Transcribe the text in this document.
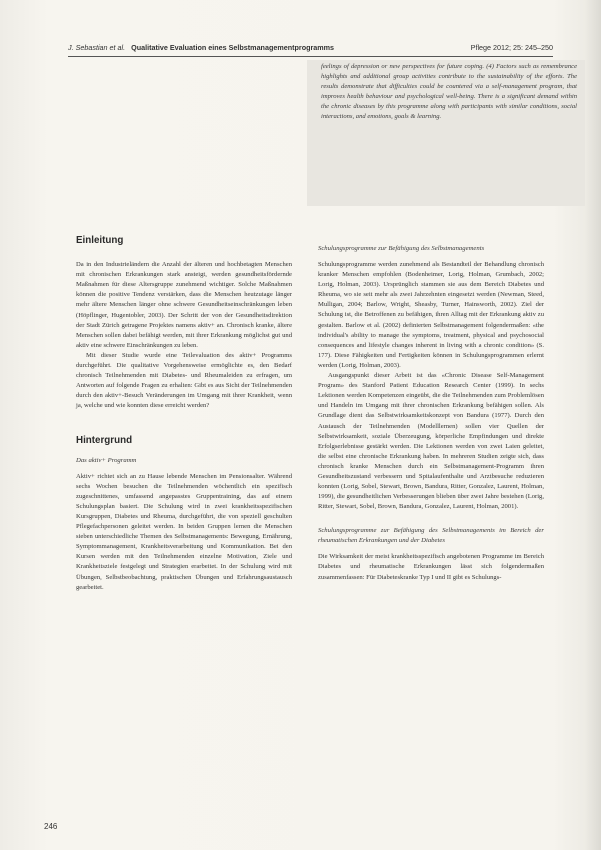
J. Sebastian et al. Qualitative Evaluation eines Selbstmanagementprogramms	Pflege 2012; 25: 245–250

feelings of depression or new perspectives for future coping. (4) Factors such as remembrance highlights and additional group activities contribute to the sustainability of the efforts. The results demonstrate that difficulties could be countered via a self-management program, that improves health behaviour and psychological well-being. There is a significant demand within the chronic diseases by this programme along with participants with similar conditions, social interactions, and emotions, goals & learning.

Einleitung

Da in den Industrieländern die Anzahl der älteren und hochbetagten Menschen mit chronischen Erkrankungen stark ansteigt, werden gesundheitsfördernde Maßnahmen für diese Altersgruppe zunehmend wichtiger. Solche Maßnahmen können die positive Tendenz verstärken, dass die Menschen heutzutage länger mehr ältere Menschen länger ohne schwere Gesundheitseinschränkungen leben (Höpflinger, Hugentobler, 2003). Der Schritt der von der Gesundheitsdirektion der Stadt Zürich getragene Projektes namens aktiv+ an. Chronisch kranke, ältere Menschen sollen dabei befähigt werden, mit ihrer Erkrankung möglichst gut und aktiv eine schwere Einschränkungen zu leben.

Mit dieser Studie wurde eine Teilevaluation des aktiv+ Programms durchgeführt. Die qualitative Vorgehensweise ermöglichte es, den Bedarf chronisch Teilnehmenden mit Diabetes- und Rheumaleiden zu erfragen, um Antworten auf folgende Fragen zu erhalten: Gibt es aus Sicht der Teilnehmenden durch den aktiv+-Besuch Veränderungen im Umgang mit ihrer Krankheit, wenn ja, welche und wie konnten diese erreicht werden?

Hintergrund
Das aktiv+ Programm

Aktiv+ richtet sich an zu Hause lebende Menschen im Pensionsalter. Während sechs Wochen besuchen die Teilnehmenden wöchentlich ein spezifisch zugeschnittenes, umfassend angepasstes Gruppentraining, das auf einem Schulungsplan basiert. Die Schulung wird in zwei krankheitsspezifischen Kursgruppen, Diabetes und Rheuma, durchgeführt, die von speziell geschulten Pflegefachpersonen geleitet werden. In beiden Gruppen lernen die Menschen sieben unterschiedliche Themen des Selbstmanagements: Bewegung, Ernährung, Symptommanagement, Krankheitsverarbeitung und Kommunikation. Bei den Kursen werden mit den Teilnehmenden einzelne Motivation, Ziele und Krankheitsziele festgelegt und Strategien erarbeitet. In der Schulung wird mit Übungen, Selbstbeobachtung, praktischen Übungen und Erfahrungsaustausch gearbeitet.

Schulungsprogramme zur Befähigung des Selbstmanagements

Schulungsprogramme werden zunehmend als Bestandteil der Behandlung chronisch kranker Menschen empfohlen (Bodenheimer, Lorig, Holman, Grumbach, 2002; Lorig, Holman, 2003). Ursprünglich stammen sie aus dem Bereich Diabetes und Rheuma, wo sie seit mehr als zwei Jahrzehnten eingesetzt werden (Newman, Steed, Mulligan, 2004; Barlow, Wright, Sheasby, Turner, Hainsworth, 2002). Ziel der Schulung ist, die Betroffenen zu befähigen, ihren Alltag mit der Erkrankung aktiv zu gestalten. Barlow et al. (2002) definierten Selbstmanagement folgendermaßen: «the individual's ability to manage the symptoms, treatment, physical and psychosocial consequences and lifestyle changes inherent in living with a chronic condition» (S. 177). Diese Fähigkeiten und Fertigkeiten können in Schulungsprogrammen erlernt werden (Lorig, Holman, 2003).

Ausgangspunkt dieser Arbeit ist das «Chronic Disease Self-Management Program» des Stanford Patient Education Research Center (1999). In sechs Lektionen werden Kompetenzen eingeübt, die die Teilnehmenden zum Problemlösen und Handeln im Umgang mit ihrer chronischen Erkrankung befähigen sollen. Als Grundlage dient das Selbstwirksamkeitskonzept von Bandura (1977). Durch den Austausch der Teilnehmenden (Modelllernen) sollen vier Quellen der Selbstwirksamkeit, soziale Überzeugung, körperliche Empfindungen und direkte Erfolgserlebnisse gestärkt werden. Die Lektionen werden von zwei Laien geleitet, die selbst eine chronische Erkrankung haben. In mehreren Studien zeigte sich, dass chronisch kranke Menschen durch ein Selbstmanagement-Programm ihren Gesundheitszustand verbessern und Spitalaufenthalte und Arztbesuche reduzieren konnten (Lorig, Sobel, Stewart, Brown, Bandura, Ritter, Gonzalez, Laurent, Holman, 1999), die gesundheitlichen Verbesserungen blieben über zwei Jahre bestehen (Lorig, Ritter, Stewart, Sobel, Brown, Bandura, Gonzalez, Laurent, Holman, 2001).

Schulungsprogramme zur Befähigung des Selbstmanagements im Bereich der rheumatischen Erkrankungen und der Diabetes

Die Wirksamkeit der meist krankheitsspezifisch angebotenen Programme im Bereich Diabetes und rheumatische Erkrankungen lässt sich folgendermaßen zusammenfassen: Für Diabeteskranke Typ I und II gibt es Schulungs-

246
